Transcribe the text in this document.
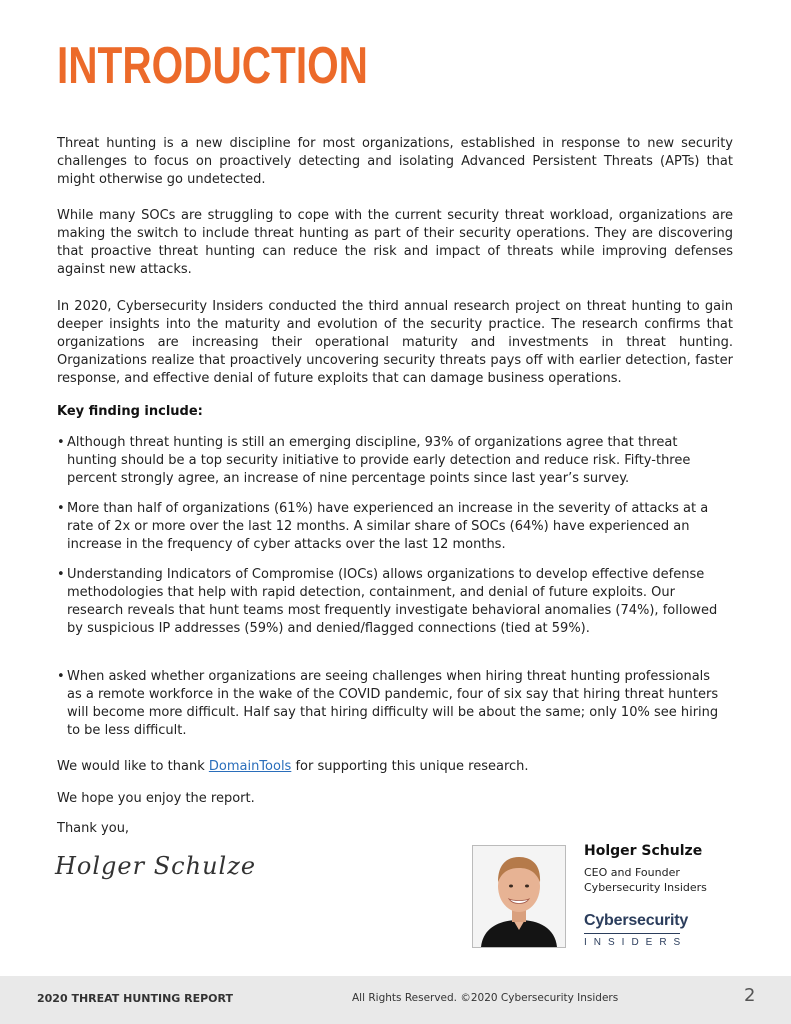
INTRODUCTION

Threat hunting is a new discipline for most organizations, established in response to new security challenges to focus on proactively detecting and isolating Advanced Persistent Threats (APTs) that might otherwise go undetected.

While many SOCs are struggling to cope with the current security threat workload, organizations are making the switch to include threat hunting as part of their security operations. They are discovering that proactive threat hunting can reduce the risk and impact of threats while improving defenses against new attacks.

In 2020, Cybersecurity Insiders conducted the third annual research project on threat hunting to gain deeper insights into the maturity and evolution of the security practice. The research confirms that organizations are increasing their operational maturity and investments in threat hunting. Organizations realize that proactively uncovering security threats pays off with earlier detection, faster response, and effective denial of future exploits that can damage business operations.

Key finding include:
• Although threat hunting is still an emerging discipline, 93% of organizations agree that threat hunting should be a top security initiative to provide early detection and reduce risk. Fifty-three percent strongly agree, an increase of nine percentage points since last year’s survey.
• More than half of organizations (61%) have experienced an increase in the severity of attacks at a rate of 2x or more over the last 12 months. A similar share of SOCs (64%) have experienced an increase in the frequency of cyber attacks over the last 12 months.
• Understanding Indicators of Compromise (IOCs) allows organizations to develop effective defense methodologies that help with rapid detection, containment, and denial of future exploits. Our research reveals that hunt teams most frequently investigate behavioral anomalies (74%), followed by suspicious IP addresses (59%) and denied/flagged connections (tied at 59%).
• When asked whether organizations are seeing challenges when hiring threat hunting professionals as a remote workforce in the wake of the COVID pandemic, four of six say that hiring threat hunters will become more difficult. Half say that hiring difficulty will be about the same; only 10% see hiring to be less difficult.
We would like to thank DomainTools for supporting this unique research.
We hope you enjoy the report.
Thank you,
Holger Schulze
Holger Schulze
CEO and Founder
Cybersecurity Insiders
Cybersecurity
INSIDERS
2020 THREAT HUNTING REPORT	All Rights Reserved. ©2020 Cybersecurity Insiders	2
